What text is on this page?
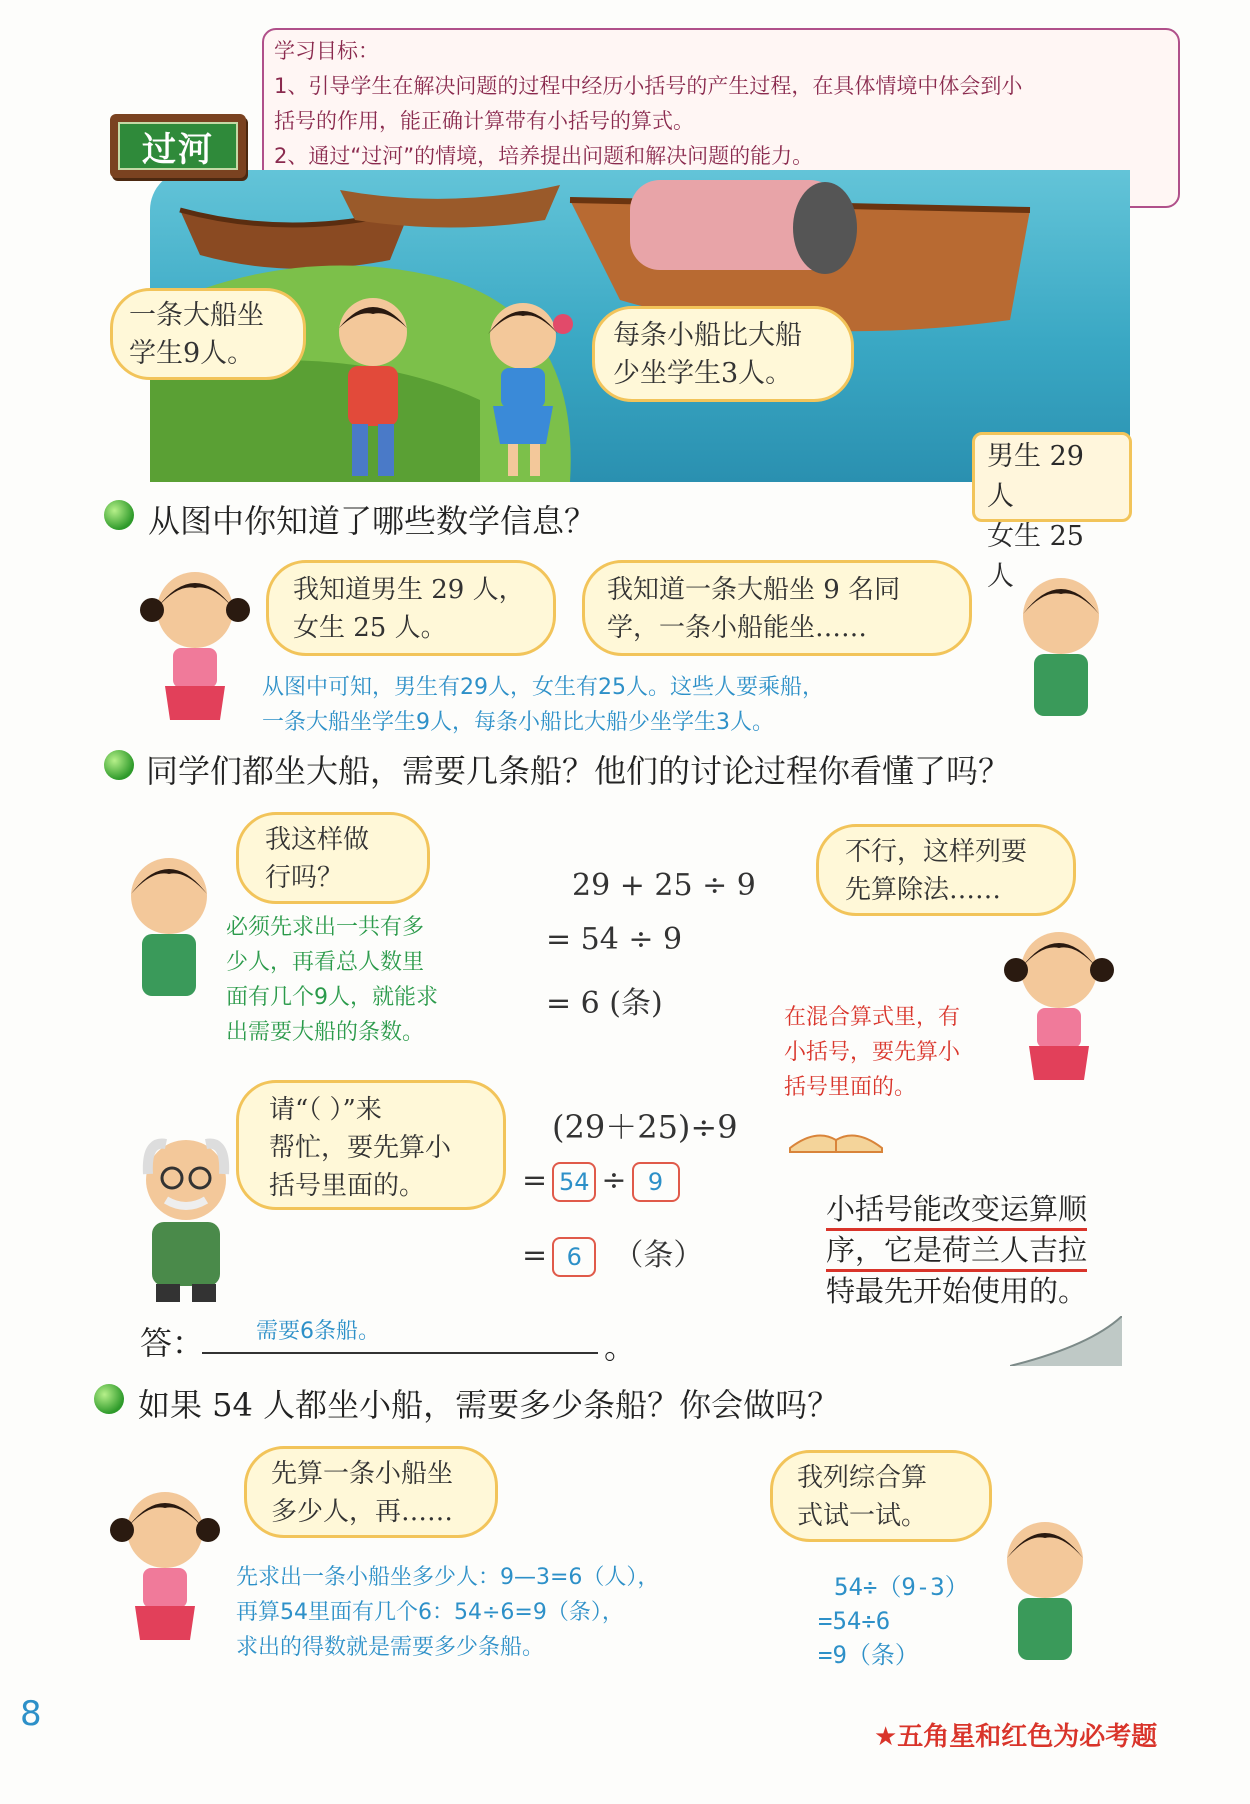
学习目标：
1、引导学生在解决问题的过程中经历小括号的产生过程，在具体情境中体会到小
括号的作用，能正确计算带有小括号的算式。
2、通过“过河”的情境，培养提出问题和解决问题的能力。
过河
一条大船坐
学生9人。
每条小船比大船
少坐学生3人。
男生 29 人
女生 25 人
从图中你知道了哪些数学信息？
我知道男生 29 人，
女生 25 人。
我知道一条大船坐 9 名同
学，一条小船能坐……
从图中可知，男生有29人，女生有25人。这些人要乘船，
一条大船坐学生9人，每条小船比大船少坐学生3人。
同学们都坐大船，需要几条船？他们的讨论过程你看懂了吗？
我这样做
行吗？
必须先求出一共有多
少人，再看总人数里
面有几个9人，就能求
出需要大船的条数。
29 + 25 ÷ 9
= 54 ÷ 9
= 6 (条)
不行，这样列要
先算除法……
在混合算式里，有
小括号，要先算小
括号里面的。
请“（ ）”来
帮忙，要先算小
括号里面的。
(29＋25)÷9
= 54 ÷ 9
= 6 （条）
小括号能改变运算顺 序，它是荷兰人吉拉
特最先开始使用的。
答： 需要6条船。	。
如果 54 人都坐小船，需要多少条船？你会做吗？
先算一条小船坐
多少人，再……
先求出一条小船坐多少人：9—3=6（人），
再算54里面有几个6：54÷6=9（条），
求出的得数就是需要多少条船。
我列综合算
式试一试。
54÷（9-3）
=54÷6
=9（条）
8
★五角星和红色为必考题
